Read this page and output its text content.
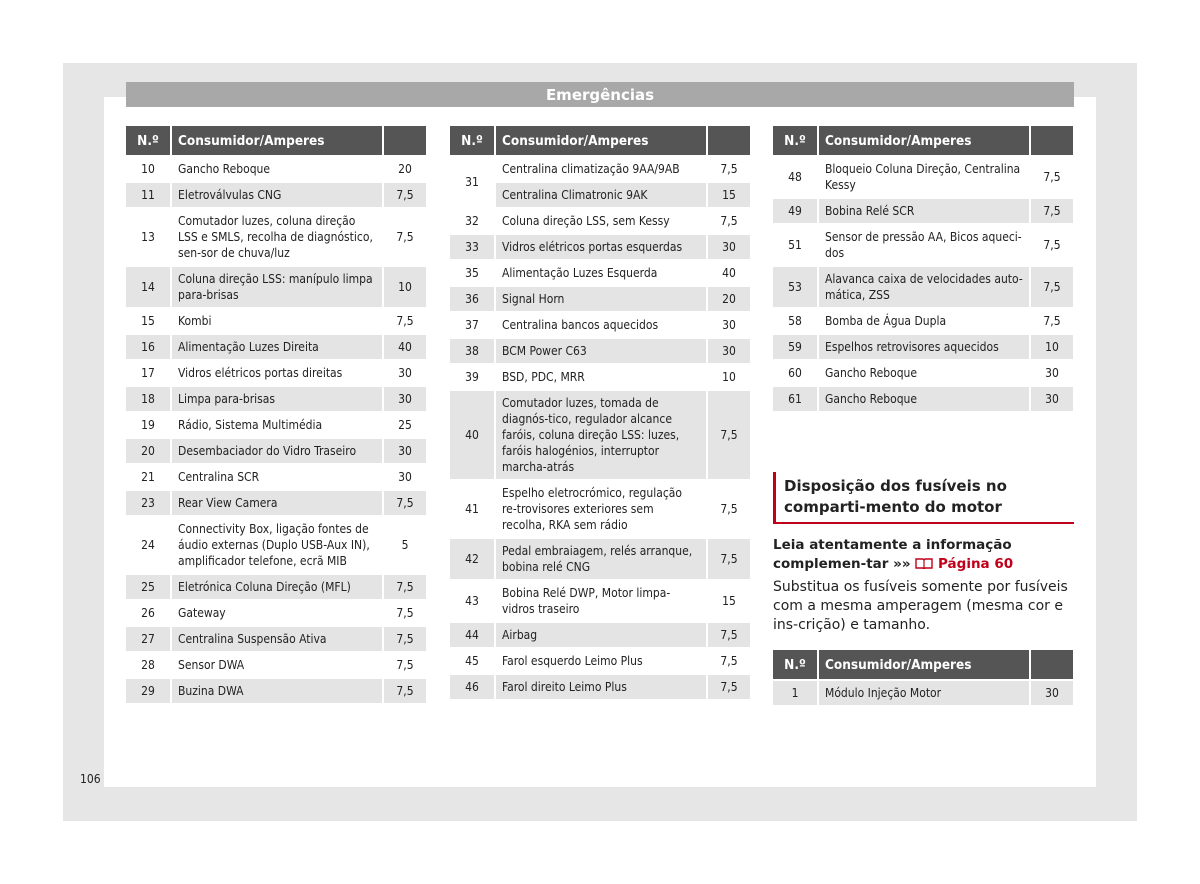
Emergências
N.º	Consumidor/Amperes	
10	Gancho Reboque	20
11	Eletroválvulas CNG	7,5
13	Comutador luzes, coluna direção LSS e SMLS, recolha de diagnóstico, sen-sor de chuva/luz	7,5
14	Coluna direção LSS: manípulo limpa para-brisas	10
15	Kombi	7,5
16	Alimentação Luzes Direita	40
17	Vidros elétricos portas direitas	30
18	Limpa para-brisas	30
19	Rádio, Sistema Multimédia	25
20	Desembaciador do Vidro Traseiro	30
21	Centralina SCR	30
23	Rear View Camera	7,5
24	Connectivity Box, ligação fontes de áudio externas (Duplo USB-Aux IN), amplificador telefone, ecrã MIB	5
25	Eletrónica Coluna Direção (MFL)	7,5
26	Gateway	7,5
27	Centralina Suspensão Ativa	7,5
28	Sensor DWA	7,5
29	Buzina DWA	7,5
N.º	Consumidor/Amperes	
31	Centralina climatização 9AA/9AB	7,5
	Centralina Climatronic 9AK	15
32	Coluna direção LSS, sem Kessy	7,5
33	Vidros elétricos portas esquerdas	30
35	Alimentação Luzes Esquerda	40
36	Signal Horn	20
37	Centralina bancos aquecidos	30
38	BCM Power C63	30
39	BSD, PDC, MRR	10
40	Comutador luzes, tomada de diagnós-tico, regulador alcance faróis, coluna direção LSS: luzes, faróis halogénios, interruptor marcha-atrás	7,5
41	Espelho eletrocrómico, regulação re-trovisores exteriores sem recolha, RKA sem rádio	7,5
42	Pedal embraiagem, relés arranque, bobina relé CNG	7,5
43	Bobina Relé DWP, Motor limpa-vidros traseiro	15
44	Airbag	7,5
45	Farol esquerdo Leimo Plus	7,5
46	Farol direito Leimo Plus	7,5
N.º	Consumidor/Amperes	
48	Bloqueio Coluna Direção, Centralina Kessy	7,5
49	Bobina Relé SCR	7,5
51	Sensor de pressão AA, Bicos aqueci-dos	7,5
53	Alavanca caixa de velocidades auto-mática, ZSS	7,5
58	Bomba de Água Dupla	7,5
59	Espelhos retrovisores aquecidos	10
60	Gancho Reboque	30
61	Gancho Reboque	30
Disposição dos fusíveis no comparti-mento do motor
Leia atentamente a informação complemen-tar »» Página 60
Substitua os fusíveis somente por fusíveis com a mesma amperagem (mesma cor e ins-crição) e tamanho.
N.º	Consumidor/Amperes	
1	Módulo Injeção Motor	30
106
